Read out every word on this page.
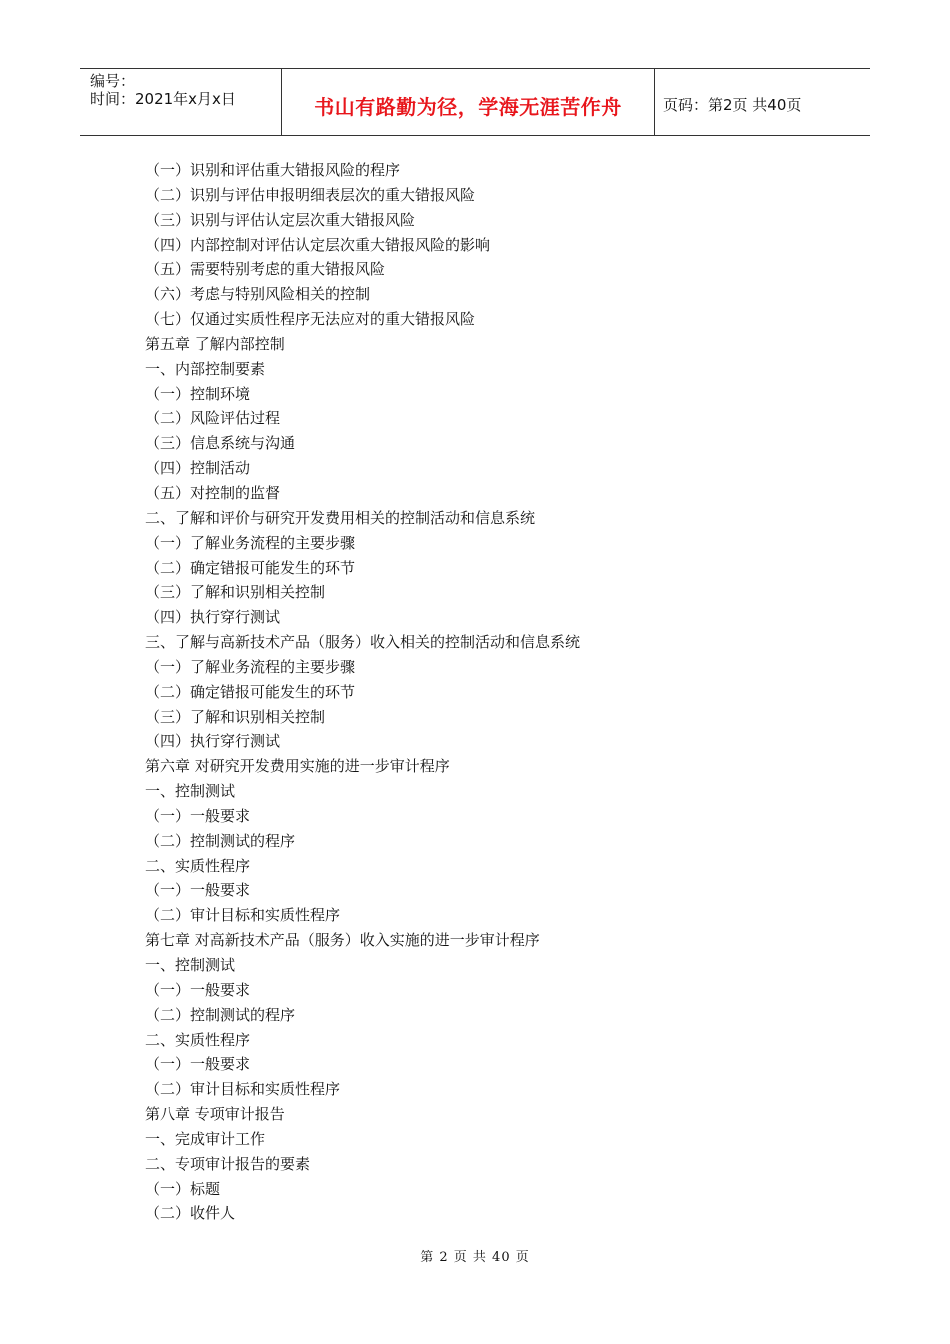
编号：
时间：2021年x月x日	书山有路勤为径，学海无涯苦作舟	页码：第2页 共40页
（一）识别和评估重大错报风险的程序
（二）识别与评估申报明细表层次的重大错报风险
（三）识别与评估认定层次重大错报风险
（四）内部控制对评估认定层次重大错报风险的影响
（五）需要特别考虑的重大错报风险
（六）考虑与特别风险相关的控制
（七）仅通过实质性程序无法应对的重大错报风险
第五章 了解内部控制
一、内部控制要素
（一）控制环境
（二）风险评估过程
（三）信息系统与沟通
（四）控制活动
（五）对控制的监督
二、了解和评价与研究开发费用相关的控制活动和信息系统
（一）了解业务流程的主要步骤
（二）确定错报可能发生的环节
（三）了解和识别相关控制
（四）执行穿行测试
三、了解与高新技术产品（服务）收入相关的控制活动和信息系统
（一）了解业务流程的主要步骤
（二）确定错报可能发生的环节
（三）了解和识别相关控制
（四）执行穿行测试
第六章 对研究开发费用实施的进一步审计程序
一、控制测试
（一）一般要求
（二）控制测试的程序
二、实质性程序
（一）一般要求
（二）审计目标和实质性程序
第七章 对高新技术产品（服务）收入实施的进一步审计程序
一、控制测试
（一）一般要求
（二）控制测试的程序
二、实质性程序
（一）一般要求
（二）审计目标和实质性程序
第八章 专项审计报告
一、完成审计工作
二、专项审计报告的要素
（一）标题
（二）收件人
第 2 页 共 40 页
